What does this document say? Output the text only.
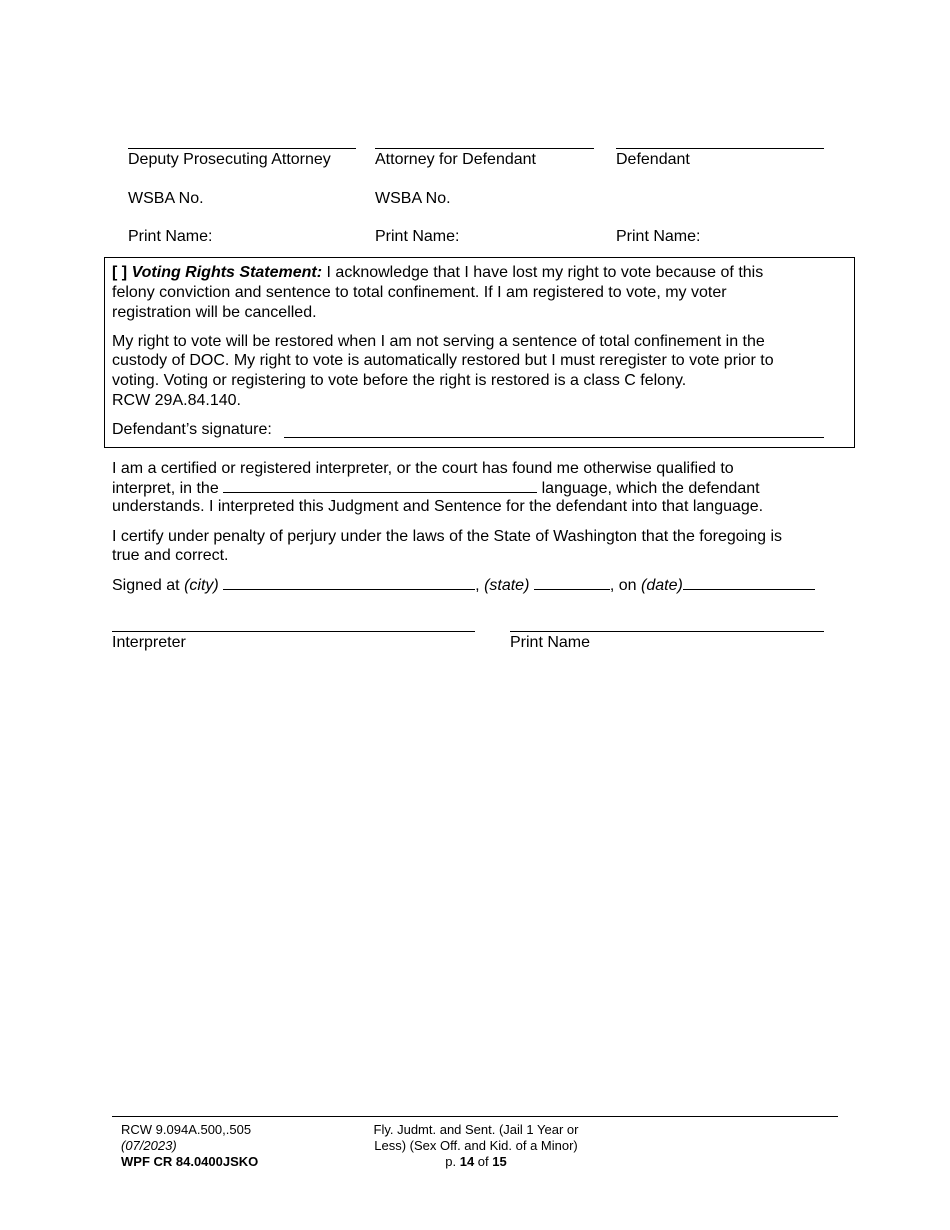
Deputy Prosecuting Attorney	Attorney for Defendant	Defendant
WSBA No.	WSBA No.
Print Name:	Print Name:	Print Name:
[ ] Voting Rights Statement: I acknowledge that I have lost my right to vote because of this
felony conviction and sentence to total confinement. If I am registered to vote, my voter
registration will be cancelled.
My right to vote will be restored when I am not serving a sentence of total confinement in the
custody of DOC. My right to vote is automatically restored but I must reregister to vote prior to
voting. Voting or registering to vote before the right is restored is a class C felony.
RCW 29A.84.140.
Defendant’s signature:
I am a certified or registered interpreter, or the court has found me otherwise qualified to
interpret, in the	language, which the defendant
understands. I interpreted this Judgment and Sentence for the defendant into that language.
I certify under penalty of perjury under the laws of the State of Washington that the foregoing is
true and correct.
Signed at (city)	, (state)	, on (date)
Interpreter	Print Name
RCW 9.094A.500,.505
(07/2023)
WPF CR 84.0400JSKO
Fly. Judmt. and Sent. (Jail 1 Year or
Less) (Sex Off. and Kid. of a Minor)
p. 14 of 15
